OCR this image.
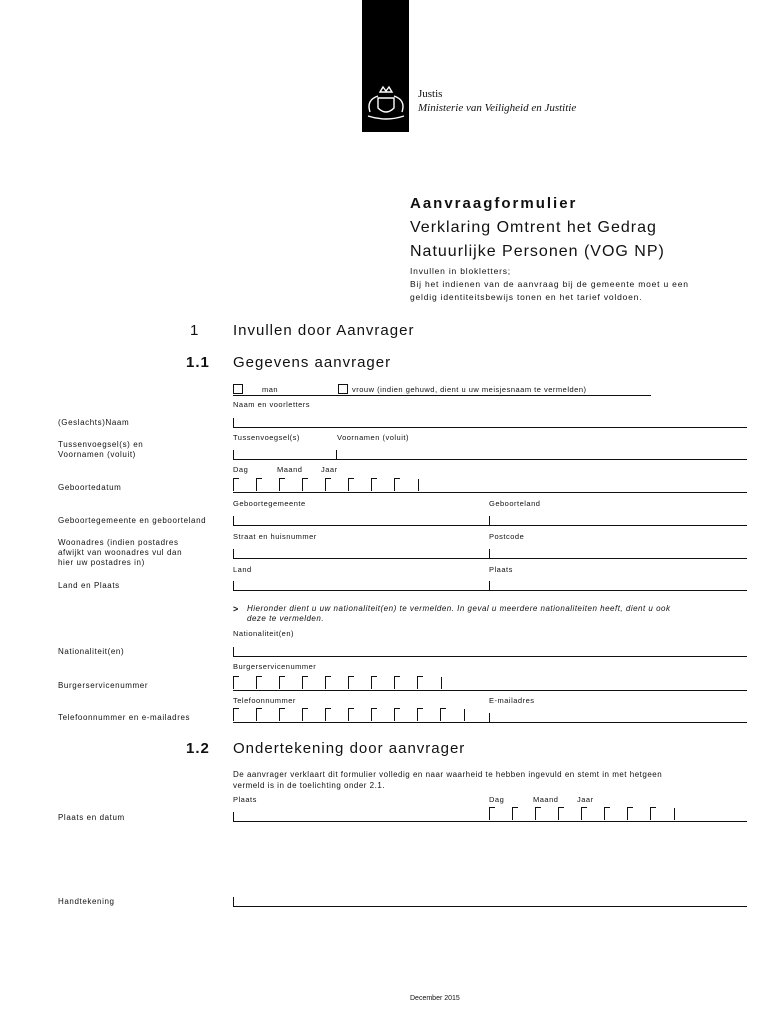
Justis
Ministerie van Veiligheid en Justitie
Aanvraagformulier
Verklaring Omtrent het Gedrag
Natuurlijke Personen (VOG NP)
Invullen in blokletters;
Bij het indienen van de aanvraag bij de gemeente moet u een
geldig identiteitsbewijs tonen en het tarief voldoen.
1 Invullen door Aanvrager
1.1 Gegevens aanvrager
man	vrouw (indien gehuwd, dient u uw meisjesnaam te vermelden)
Naam en voorletters
(Geslachts)Naam
Tussenvoegsel(s)	Voornamen (voluit)
Tussenvoegsel(s) en
Voornamen (voluit)
Dag	Maand Jaar
Geboortedatum
Geboortegemeente	Geboorteland
Geboortegemeente en geboorteland
Straat en huisnummer	Postcode
Woonadres (indien postadres
afwijkt van woonadres vul dan
hier uw postadres in)
Land	Plaats
Land en Plaats
> Hieronder dient u uw nationaliteit(en) te vermelden. In geval u meerdere nationaliteiten heeft, dient u ook
deze te vermelden.
Nationaliteit(en)
Nationaliteit(en)
Burgerservicenummer
Burgerservicenummer
Telefoonnummer	E-mailadres
Telefoonnummer en e-mailadres
1.2 Ondertekening door aanvrager
De aanvrager verklaart dit formulier volledig en naar waarheid te hebben ingevuld en stemt in met hetgeen
vermeld is in de toelichting onder 2.1.
Plaats	Dag	Maand Jaar
Plaats en datum
Handtekening
December 2015
